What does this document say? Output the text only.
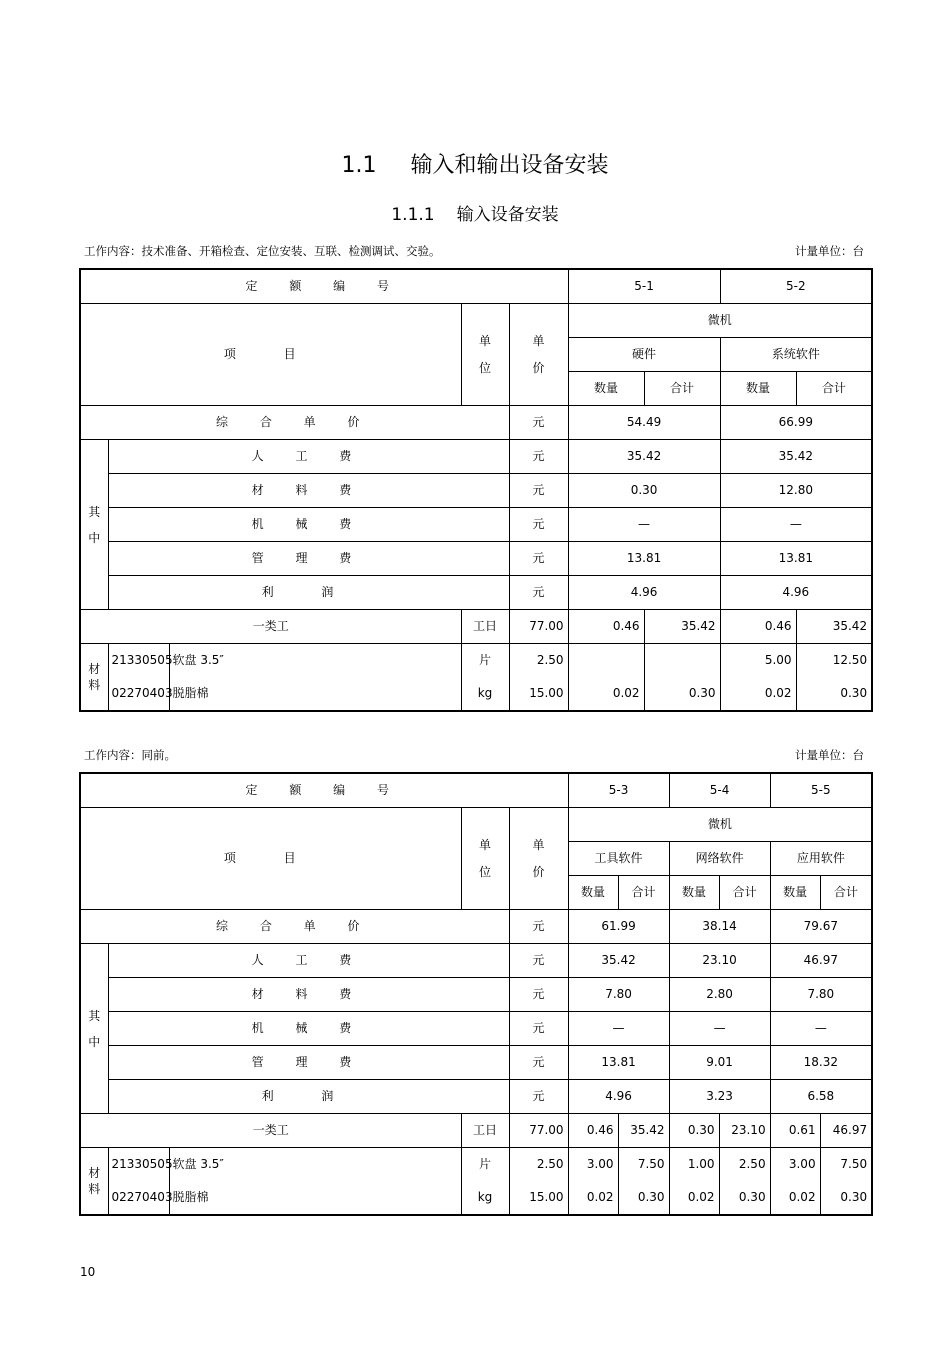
1.1 输入和输出设备安装
1.1.1 输入设备安装
工作内容：技术准备、开箱检查、定位安装、互联、检测调试、交验。	计量单位：台
定 额 编 号					5-1		5-2	
项 目			单位	单价	微机			
					硬件		系统软件	
					数量	合计	数量	合计
综 合 单 价				元	54.49		66.99	

其中	人 工 费			元	35.42		35.42	
	材 料 费			元	0.30		12.80	
	机 械 费			元	—		—	
	管 理 费			元	13.81		13.81	
	利 润			元	4.96		4.96	
一类工			工日	77.00	0.46	35.42	0.46	35.42

材料	21330505	软盘 3.5″	片	2.50			5.00	12.50
	02270403	脱脂棉	kg	15.00	0.02	0.30	0.02	0.30
工作内容：同前。	计量单位：台
定 额 编 号					5-3		5-4		5-5	
项 目			单位	单价	微机					
					工具软件		网络软件		应用软件	
					数量	合计	数量	合计	数量	合计
综 合 单 价				元	61.99		38.14		79.67	

其中	人 工 费			元	35.42		23.10		46.97	
	材 料 费			元	7.80		2.80		7.80	
	机 械 费			元	—		—		—	
	管 理 费			元	13.81		9.01		18.32	
	利 润			元	4.96		3.23		6.58	
一类工			工日	77.00	0.46	35.42	0.30	23.10	0.61	46.97

材料	21330505	软盘 3.5″	片	2.50	3.00	7.50	1.00	2.50	3.00	7.50
	02270403	脱脂棉	kg	15.00	0.02	0.30	0.02	0.30	0.02	0.30
10
